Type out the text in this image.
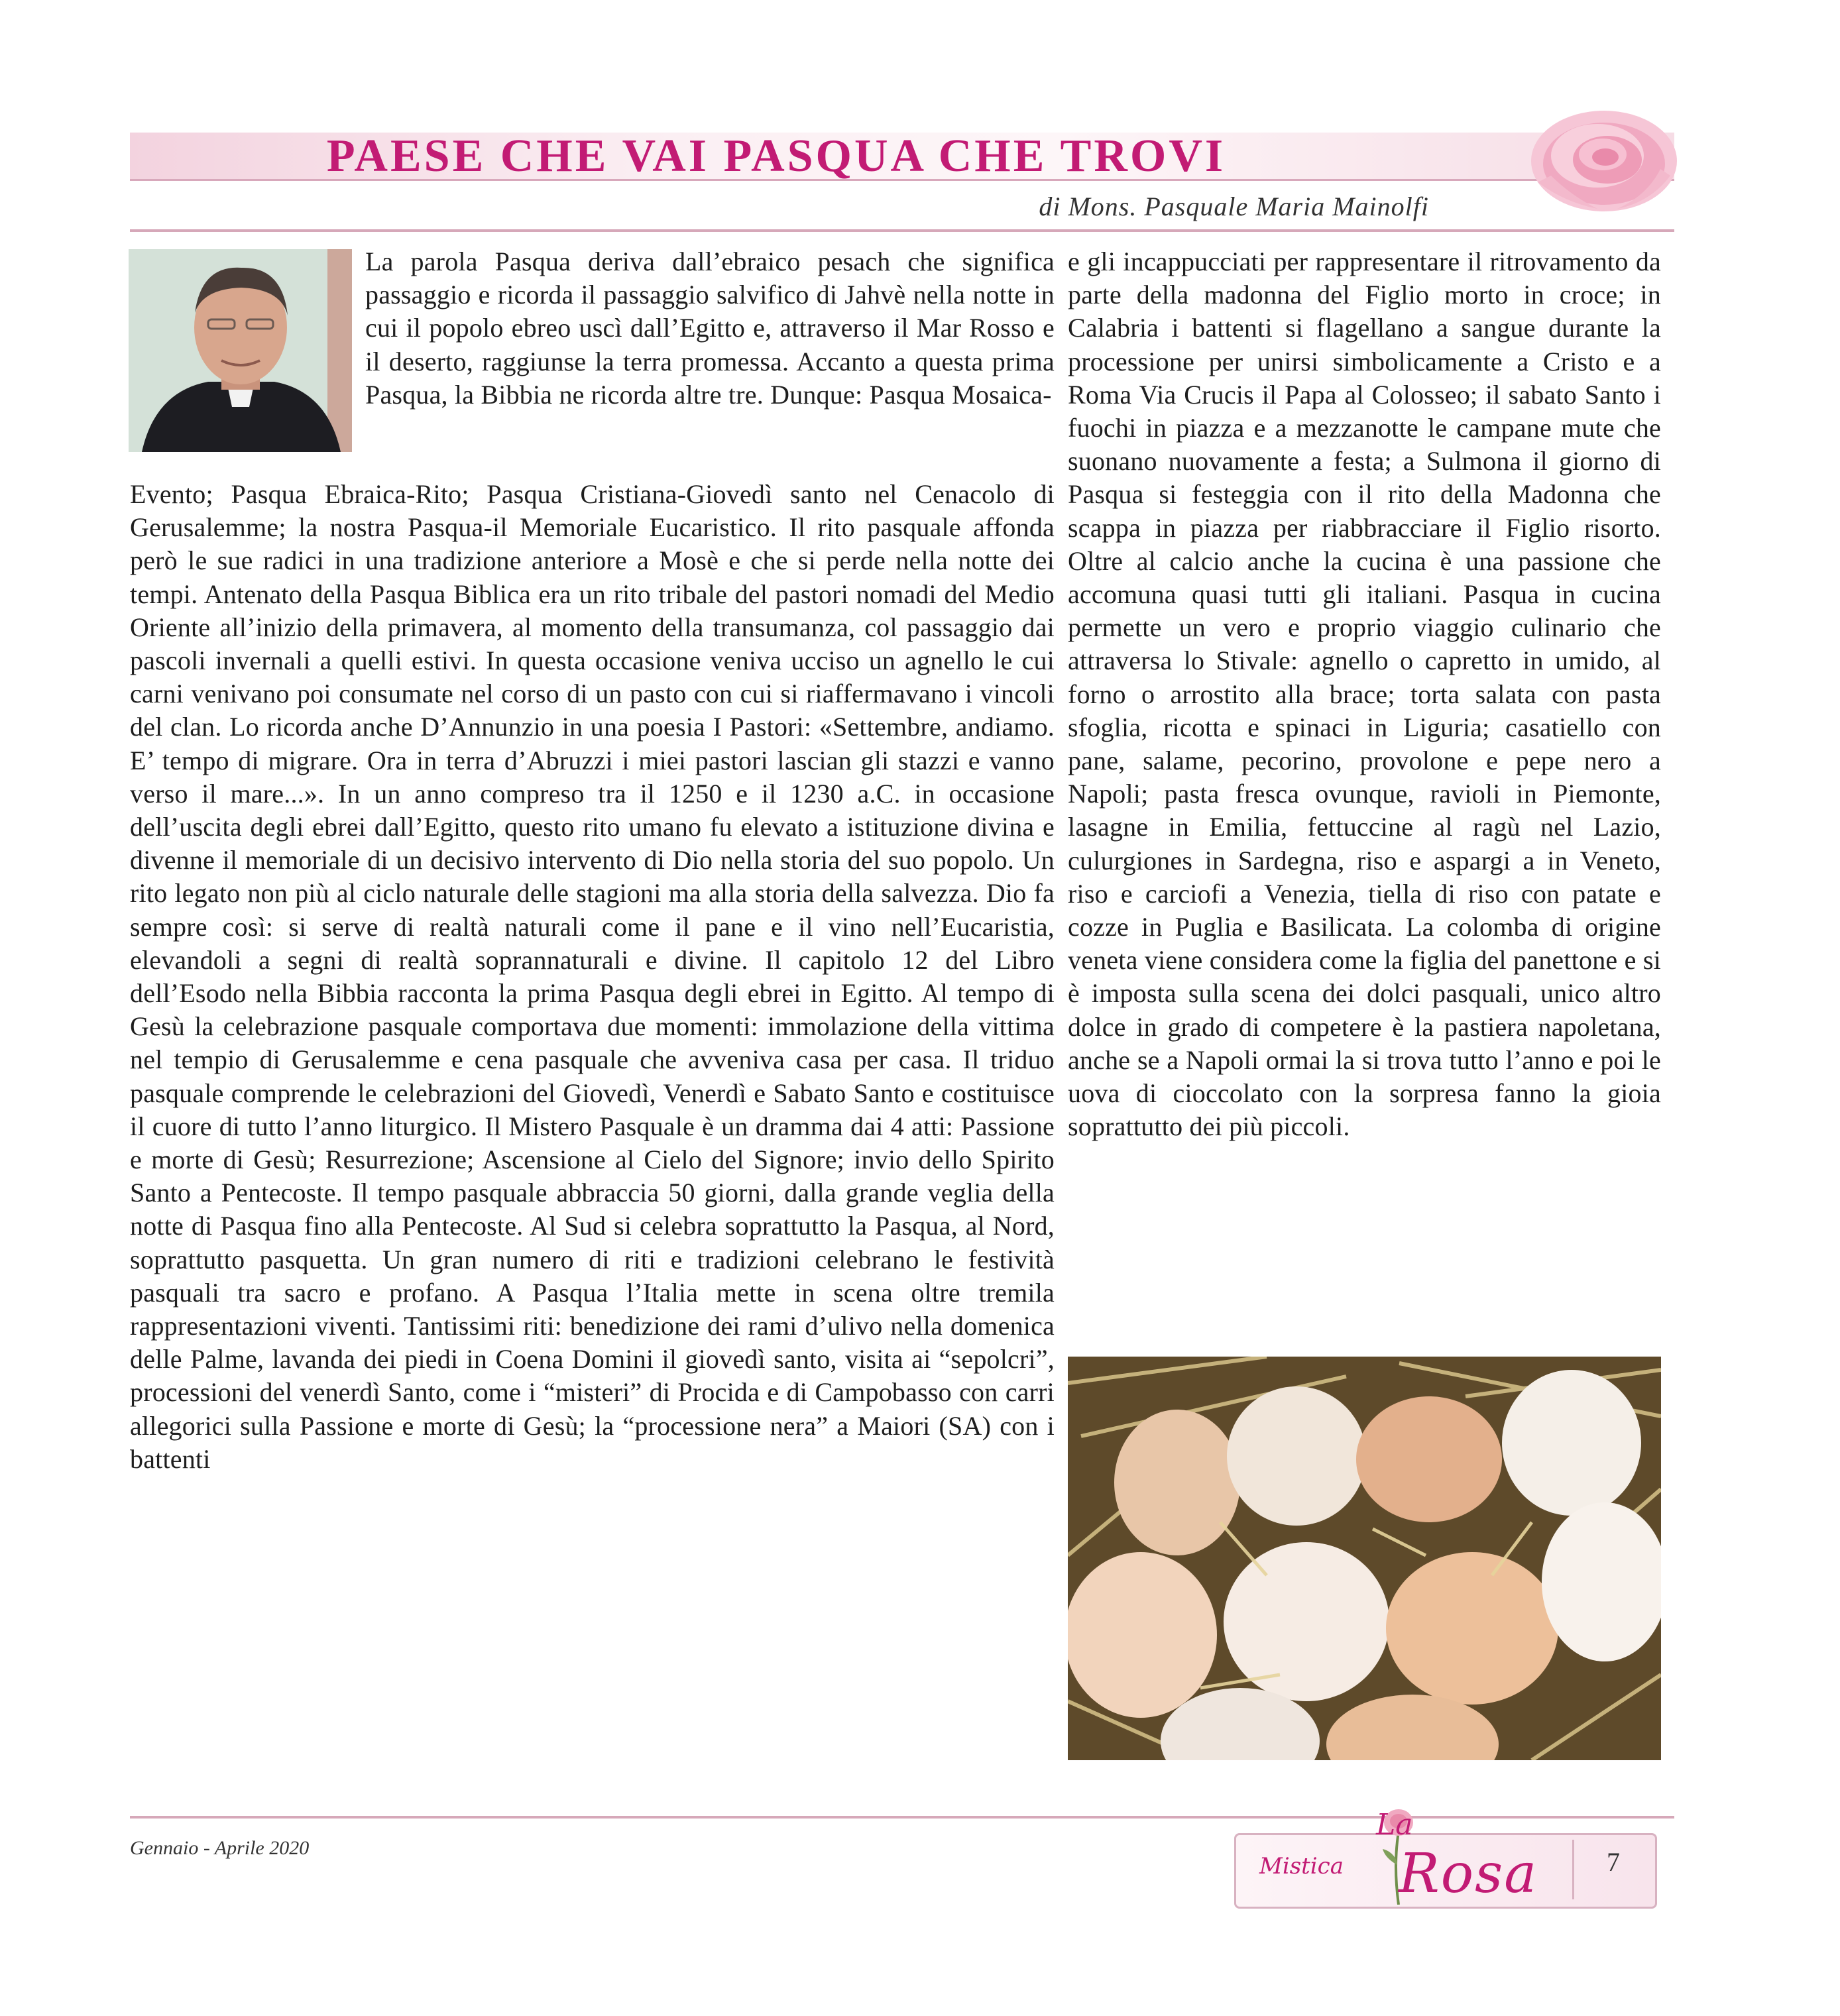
PAESE CHE VAI PASQUA CHE TROVI
di Mons. Pasquale Maria Mainolfi
La parola Pasqua deriva dall’ebraico pesach che significa passaggio e ricorda il passaggio salvifico di Jahvè nella notte in cui il popolo ebreo uscì dall’Egitto e, attraverso il Mar Rosso e il deserto, raggiunse la terra promessa. Accanto a questa prima Pasqua, la Bibbia ne ricorda altre tre. Dunque: Pasqua Mosaica-
Evento; Pasqua Ebraica-Rito; Pasqua Cristiana-Giovedì santo nel Cenacolo di Gerusalemme; la nostra Pasqua-il Memoriale Eucaristico. Il rito pasquale affonda però le sue radici in una tradizione anteriore a Mosè e che si perde nella notte dei tempi. Antenato della Pasqua Biblica era un rito tribale del pastori nomadi del Medio Oriente all’inizio della primavera, al momento della transumanza, col passaggio dai pascoli invernali a quelli estivi. In questa occasione veniva ucciso un agnello le cui carni venivano poi consumate nel corso di un pasto con cui si riaffermavano i vincoli del clan. Lo ricorda anche D’Annunzio in una poesia I Pastori: «Settembre, andiamo. E’ tempo di migrare. Ora in terra d’Abruzzi i miei pastori lascian gli stazzi e vanno verso il mare...». In un anno compreso tra il 1250 e il 1230 a.C. in occasione dell’uscita degli ebrei dall’Egitto, questo rito umano fu elevato a istituzione divina e divenne il memoriale di un decisivo intervento di Dio nella storia del suo popolo. Un rito legato non più al ciclo naturale delle stagioni ma alla storia della salvezza. Dio fa sempre così: si serve di realtà naturali come il pane e il vino nell’Eucaristia, elevandoli a segni di realtà soprannaturali e divine. Il capitolo 12 del Libro dell’Esodo nella Bibbia racconta la prima Pasqua degli ebrei in Egitto. Al tempo di Gesù la celebrazione pasquale comportava due momenti: immolazione della vittima nel tempio di Gerusalemme e cena pasquale che avveniva casa per casa. Il triduo pasquale comprende le celebrazioni del Giovedì, Venerdì e Sabato Santo e costituisce il cuore di tutto l’anno liturgico. Il Mistero Pasquale è un dramma dai 4 atti: Passione e morte di Gesù; Resurrezione; Ascensione al Cielo del Signore; invio dello Spirito Santo a Pentecoste. Il tempo pasquale abbraccia 50 giorni, dalla grande veglia della notte di Pasqua fino alla Pentecoste. Al Sud si celebra soprattutto la Pasqua, al Nord, soprattutto pasquetta. Un gran numero di riti e tradizioni celebrano le festività pasquali tra sacro e profano. A Pasqua l’Italia mette in scena oltre tremila rappresentazioni viventi. Tantissimi riti: benedizione dei rami d’ulivo nella domenica delle Palme, lavanda dei piedi in Coena Domini il giovedì santo, visita ai “sepolcri”, processioni del venerdì Santo, come i “misteri” di Procida e di Campobasso con carri allegorici sulla Passione e morte di Gesù; la “processione nera” a Maiori (SA) con i battenti
e gli incappucciati per rappresentare il ritrovamento da parte della madonna del Figlio morto in croce; in Calabria i battenti si flagellano a sangue durante la processione per unirsi simbolicamente a Cristo e a Roma Via Crucis il Papa al Colosseo; il sabato Santo i fuochi in piazza e a mezzanotte le campane mute che suonano nuovamente a festa; a Sulmona il giorno di Pasqua si festeggia con il rito della Madonna che scappa in piazza per riabbracciare il Figlio risorto. Oltre al calcio anche la cucina è una passione che accomuna quasi tutti gli italiani. Pasqua in cucina permette un vero e proprio viaggio culinario che attraversa lo Stivale: agnello o capretto in umido, al forno o arrostito alla brace; torta salata con pasta sfoglia, ricotta e spinaci in Liguria; casatiello con pane, salame, pecorino, provolone e pepe nero a Napoli; pasta fresca ovunque, ravioli in Piemonte, lasagne in Emilia, fettuccine al ragù nel Lazio, culurgiones in Sardegna, riso e aspargi a in Veneto, riso e carciofi a Venezia, tiella di riso con patate e cozze in Puglia e Basilicata. La colomba di origine veneta viene considera come la figlia del panettone e si è imposta sulla scena dei dolci pasquali, unico altro dolce in grado di competere è la pastiera napoletana, anche se a Napoli ormai la si trova tutto l’anno e poi le uova di cioccolato con la sorpresa fanno la gioia soprattutto dei più piccoli.
Gennaio - Aprile 2020
La
Mistica Rosa	7
